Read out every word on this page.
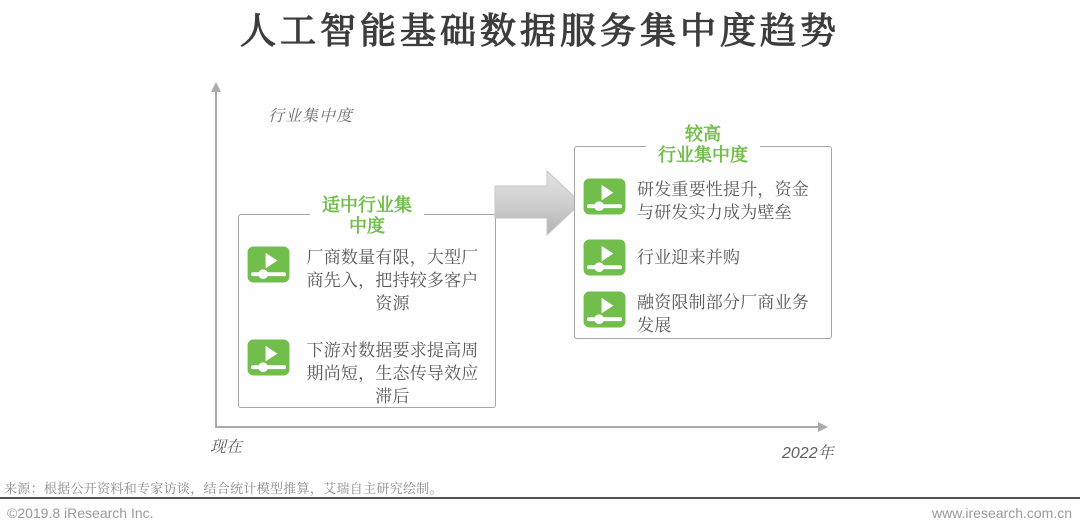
人工智能基础数据服务集中度趋势
行业集中度
现在	2022年
适中行业集
中度

厂商数量有限，大型厂商先入，把持较多客户资源

下游对数据要求提高周期尚短，生态传导效应滞后

较高
行业集中度

研发重要性提升，资金与研发实力成为壁垒

行业迎来并购

融资限制部分厂商业务发展

来源：根据公开资料和专家访谈，结合统计模型推算，艾瑞自主研究绘制。
©2019.8 iResearch Inc.	www.iresearch.com.cn
